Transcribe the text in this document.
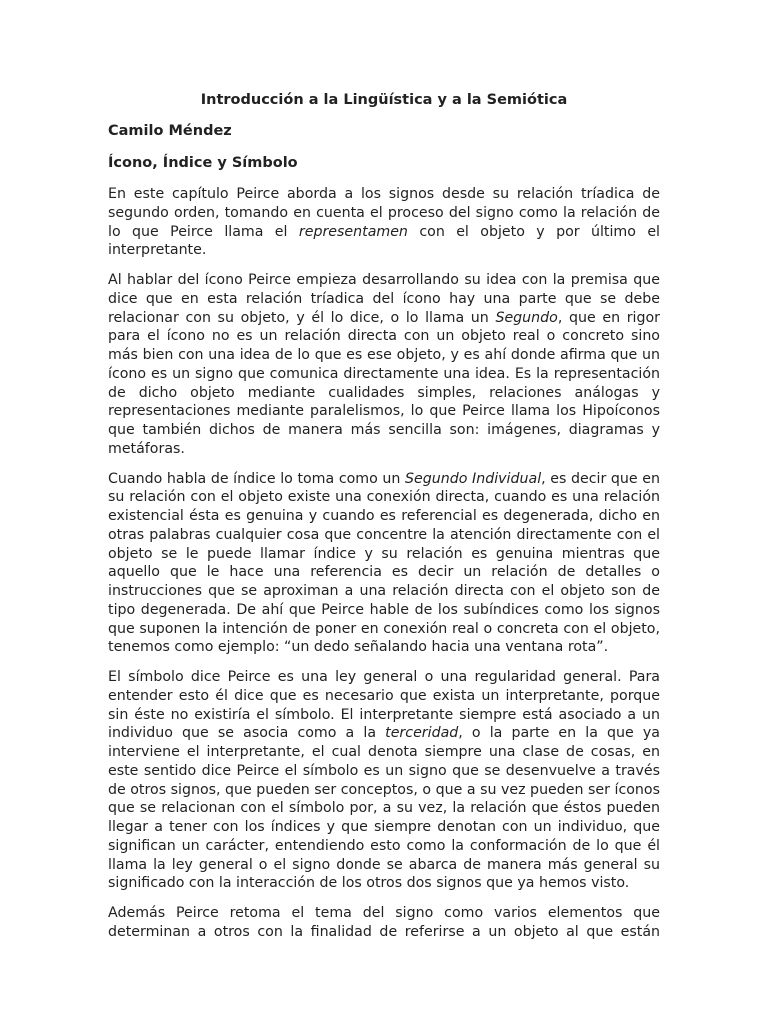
Introducción a la Lingüística y a la Semiótica
Camilo Méndez
Ícono, Índice y Símbolo

En este capítulo Peirce aborda a los signos desde su relación tríadica de segundo orden, tomando en cuenta el proceso del signo como la relación de lo que Peirce llama el representamen con el objeto y por último el interpretante.

Al hablar del ícono Peirce empieza desarrollando su idea con la premisa que dice que en esta relación tríadica del ícono hay una parte que se debe relacionar con su objeto, y él lo dice, o lo llama un Segundo, que en rigor para el ícono no es un relación directa con un objeto real o concreto sino más bien con una idea de lo que es ese objeto, y es ahí donde afirma que un ícono es un signo que comunica directamente una idea. Es la representación de dicho objeto mediante cualidades simples, relaciones análogas y representaciones mediante paralelismos, lo que Peirce llama los Hipoíconos que también dichos de manera más sencilla son: imágenes, diagramas y metáforas.

Cuando habla de índice lo toma como un Segundo Individual, es decir que en su relación con el objeto existe una conexión directa, cuando es una relación existencial ésta es genuina y cuando es referencial es degenerada, dicho en otras palabras cualquier cosa que concentre la atención directamente con el objeto se le puede llamar índice y su relación es genuina mientras que aquello que le hace una referencia es decir un relación de detalles o instrucciones que se aproximan a una relación directa con el objeto son de tipo degenerada. De ahí que Peirce hable de los subíndices como los signos que suponen la intención de poner en conexión real o concreta con el objeto, tenemos como ejemplo: “un dedo señalando hacia una ventana rota”.

El símbolo dice Peirce es una ley general o una regularidad general. Para entender esto él dice que es necesario que exista un interpretante, porque sin éste no existiría el símbolo. El interpretante siempre está asociado a un individuo que se asocia como a la terceridad, o la parte en la que ya interviene el interpretante, el cual denota siempre una clase de cosas, en este sentido dice Peirce el símbolo es un signo que se desenvuelve a través de otros signos, que pueden ser conceptos, o que a su vez pueden ser íconos que se relacionan con el símbolo por, a su vez, la relación que éstos pueden llegar a tener con los índices y que siempre denotan con un individuo, que significan un carácter, entendiendo esto como la conformación de lo que él llama la ley general o el signo donde se abarca de manera más general su significado con la interacción de los otros dos signos que ya hemos visto.

Además Peirce retoma el tema del signo como varios elementos que determinan a otros con la finalidad de referirse a un objeto al que están
